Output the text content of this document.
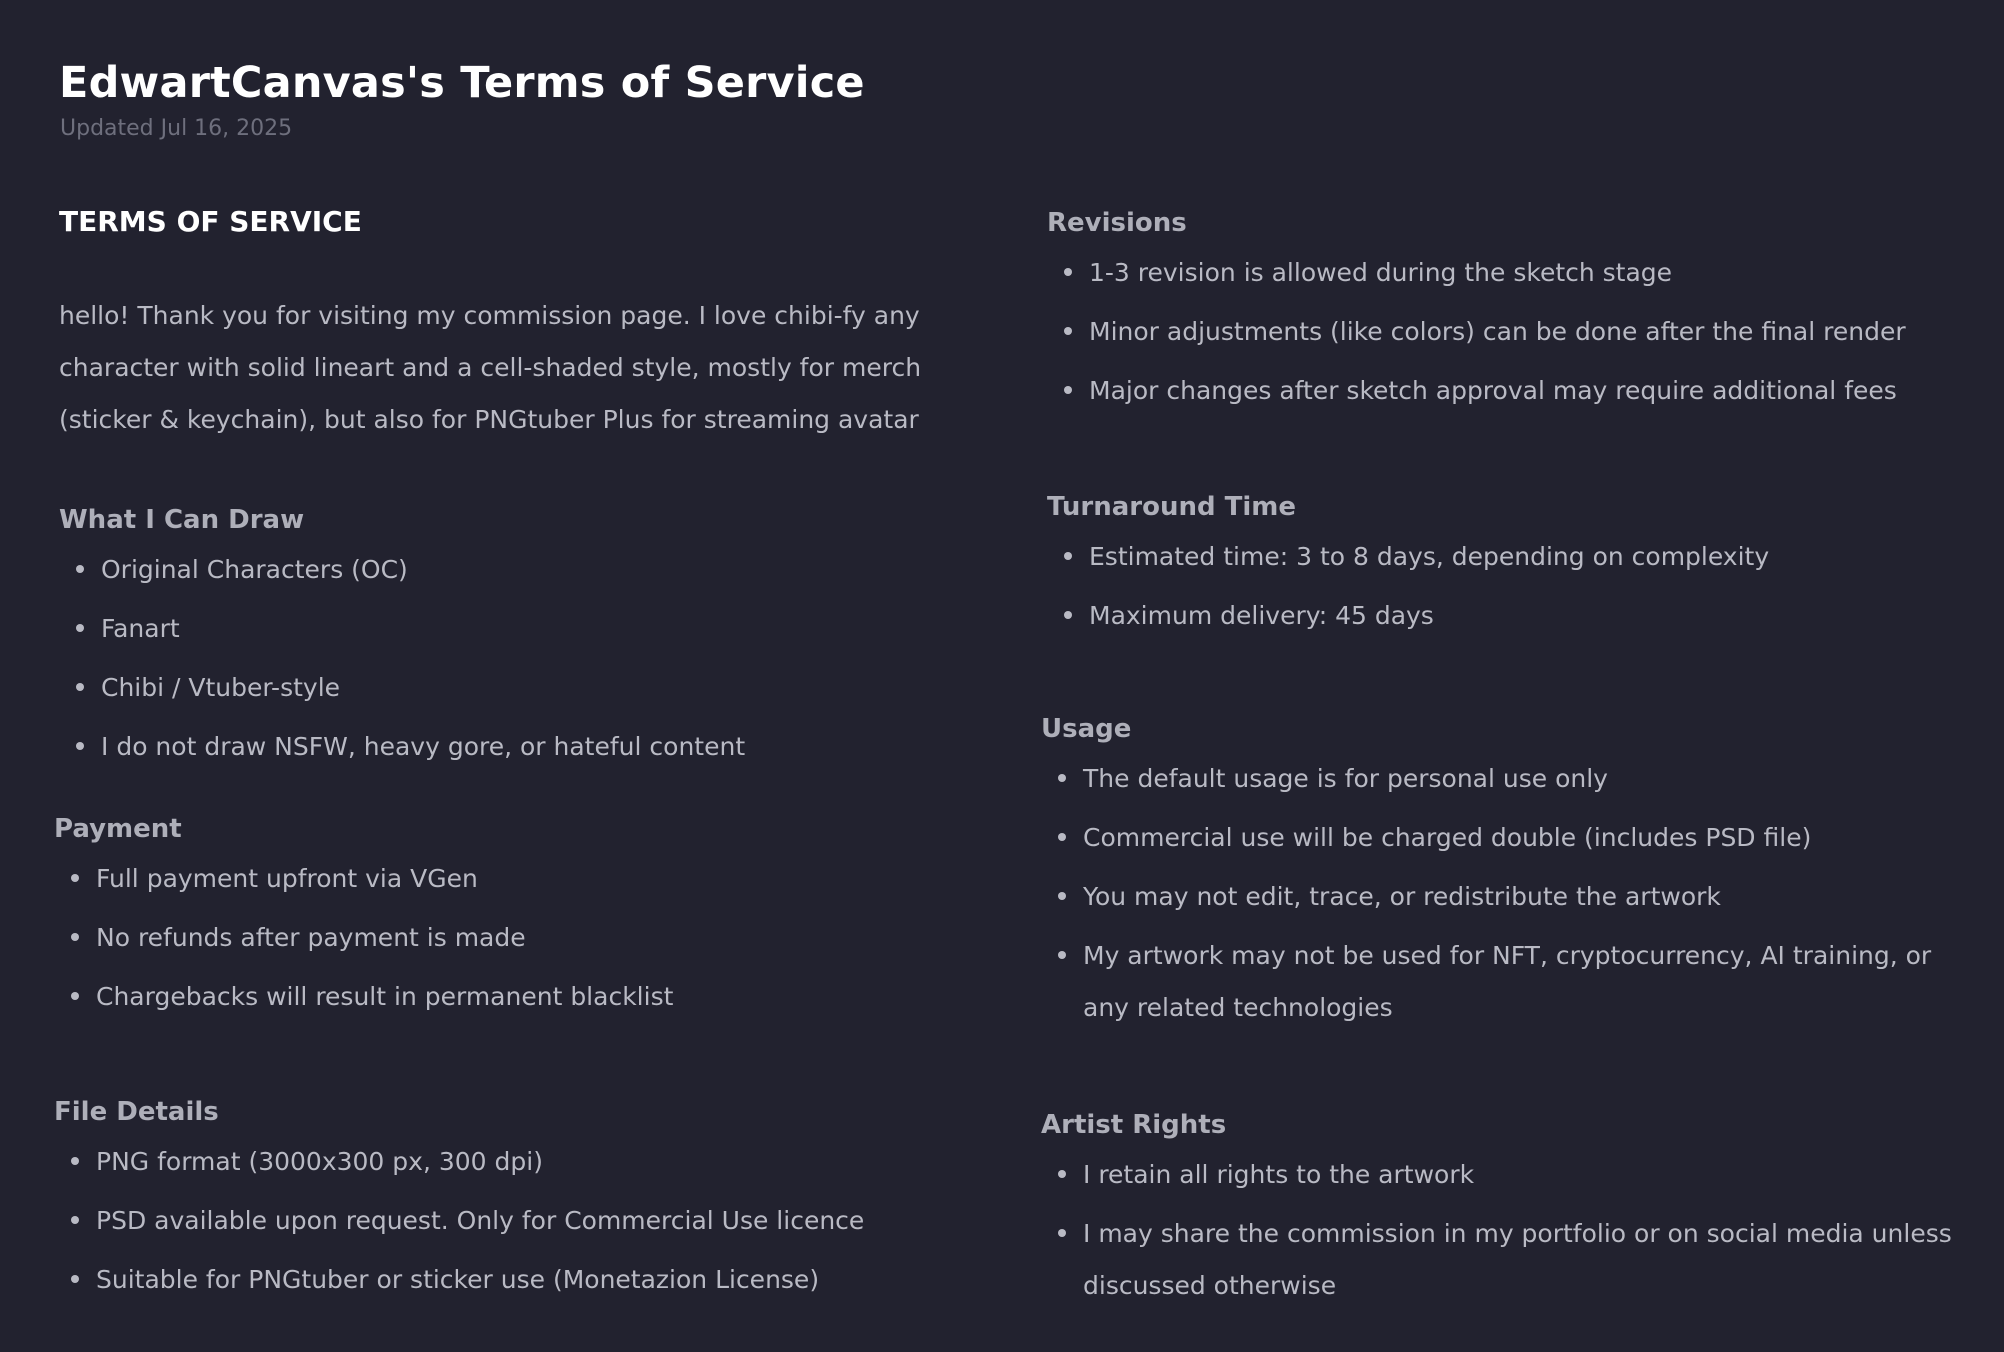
EdwartCanvas's Terms of Service
Updated Jul 16, 2025
TERMS OF SERVICE

hello! Thank you for visiting my commission page. I love chibi-fy any character with solid lineart and a cell-shaded style, mostly for merch (sticker & keychain), but also for PNGtuber Plus for streaming avatar

What I Can Draw
Original Characters (OC)
Fanart
Chibi / Vtuber-style
I do not draw NSFW, heavy gore, or hateful content
Payment
Full payment upfront via VGen
No refunds after payment is made
Chargebacks will result in permanent blacklist
File Details
PNG format (3000x300 px, 300 dpi)
PSD available upon request. Only for Commercial Use licence
Suitable for PNGtuber or sticker use (Monetazion License)
Revisions
1-3 revision is allowed during the sketch stage
Minor adjustments (like colors) can be done after the final render
Major changes after sketch approval may require additional fees
Turnaround Time
Estimated time: 3 to 8 days, depending on complexity
Maximum delivery: 45 days
Usage
The default usage is for personal use only
Commercial use will be charged double (includes PSD file)
You may not edit, trace, or redistribute the artwork
My artwork may not be used for NFT, cryptocurrency, AI training, or any related technologies
Artist Rights
I retain all rights to the artwork
I may share the commission in my portfolio or on social media unless discussed otherwise
